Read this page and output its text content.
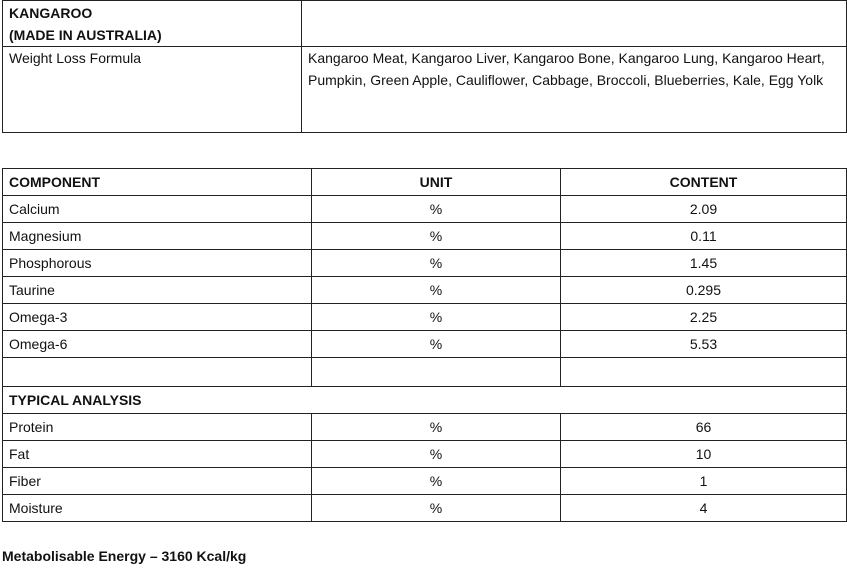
KANGAROO
(MADE IN AUSTRALIA)	

Weight Loss Formula	Kangaroo Meat, Kangaroo Liver, Kangaroo Bone, Kangaroo Lung, Kangaroo Heart, Pumpkin, Green Apple, Cauliflower, Cabbage, Broccoli, Blueberries, Kale, Egg Yolk
COMPONENT	UNIT	CONTENT
Calcium	%	2.09
Magnesium	%	0.11
Phosphorous	%	1.45
Taurine	%	0.295
Omega-3	%	2.25
Omega-6	%	5.53

TYPICAL ANALYSIS		
Protein	%	66
Fat	%	10
Fiber	%	1
Moisture	%	4
Metabolisable Energy – 3160 Kcal/kg
